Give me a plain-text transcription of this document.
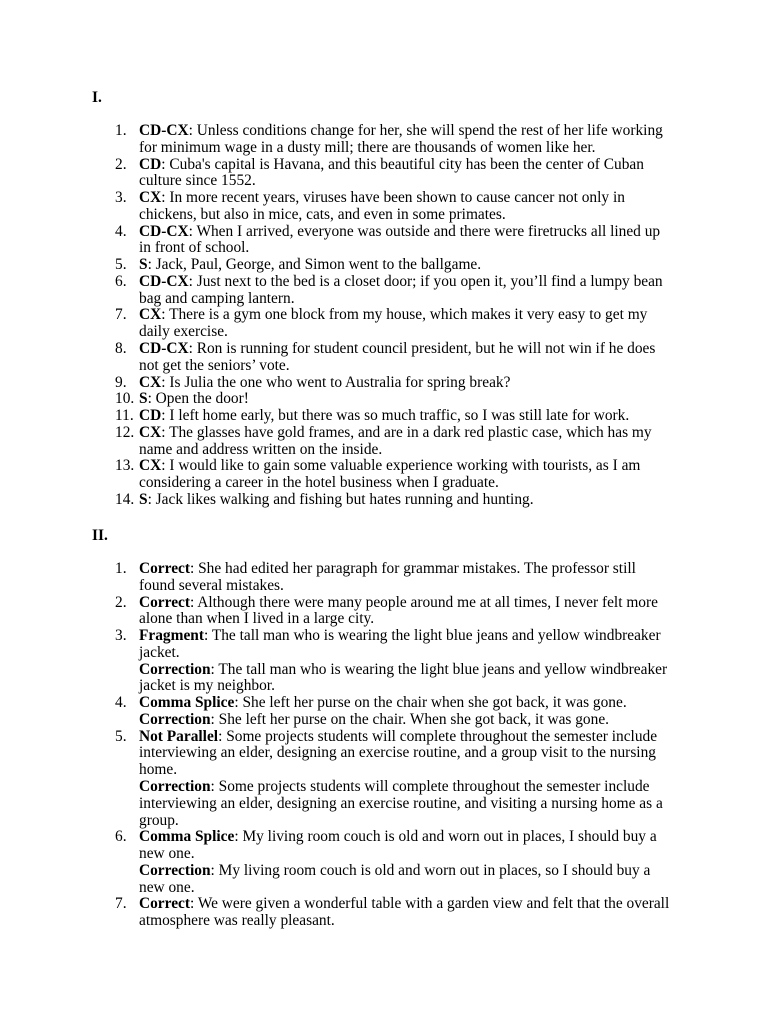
I.
1. CD-CX: Unless conditions change for her, she will spend the rest of her life working
for minimum wage in a dusty mill; there are thousands of women like her.
2. CD: Cuba's capital is Havana, and this beautiful city has been the center of Cuban
culture since 1552.
3. CX: In more recent years, viruses have been shown to cause cancer not only in
chickens, but also in mice, cats, and even in some primates.
4. CD-CX: When I arrived, everyone was outside and there were firetrucks all lined up
in front of school.
5. S: Jack, Paul, George, and Simon went to the ballgame.
6. CD-CX: Just next to the bed is a closet door; if you open it, you’ll find a lumpy bean
bag and camping lantern.
7. CX: There is a gym one block from my house, which makes it very easy to get my
daily exercise.
8. CD-CX: Ron is running for student council president, but he will not win if he does
not get the seniors’ vote.
9. CX: Is Julia the one who went to Australia for spring break?
10. S: Open the door!
11. CD: I left home early, but there was so much traffic, so I was still late for work.
12. CX: The glasses have gold frames, and are in a dark red plastic case, which has my
name and address written on the inside.
13. CX: I would like to gain some valuable experience working with tourists, as I am
considering a career in the hotel business when I graduate.
14. S: Jack likes walking and fishing but hates running and hunting.
II.
1. Correct: She had edited her paragraph for grammar mistakes. The professor still
found several mistakes.
2. Correct: Although there were many people around me at all times, I never felt more
alone than when I lived in a large city.
3. Fragment: The tall man who is wearing the light blue jeans and yellow windbreaker
jacket.
Correction: The tall man who is wearing the light blue jeans and yellow windbreaker
jacket is my neighbor.
4. Comma Splice: She left her purse on the chair when she got back, it was gone.
Correction: She left her purse on the chair. When she got back, it was gone.
5. Not Parallel: Some projects students will complete throughout the semester include
interviewing an elder, designing an exercise routine, and a group visit to the nursing
home.
Correction: Some projects students will complete throughout the semester include
interviewing an elder, designing an exercise routine, and visiting a nursing home as a
group.
6. Comma Splice: My living room couch is old and worn out in places, I should buy a
new one.
Correction: My living room couch is old and worn out in places, so I should buy a
new one.
7. Correct: We were given a wonderful table with a garden view and felt that the overall
atmosphere was really pleasant.
